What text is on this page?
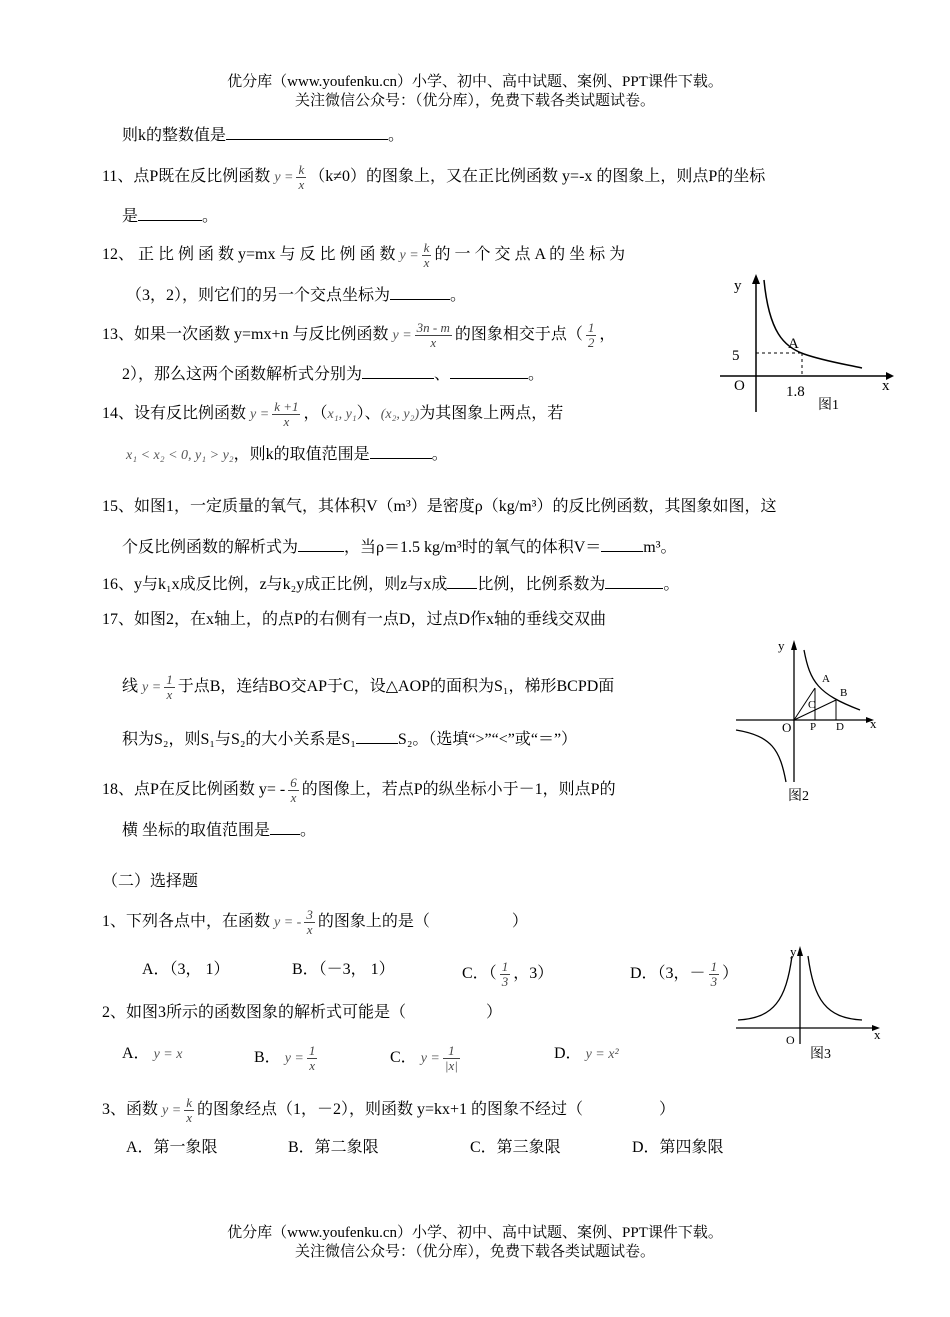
优分库（www.youfenku.cn）小学、初中、高中试题、案例、PPT课件下载。
关注微信公众号：（优分库），免费下载各类试题试卷。
则k的整数值是	。
11、点P既在反比例函数 $y = \frac{k}{x} (k\ne 0)$的图象上，又在正比例函数 y=-x 的图象上，则点P的坐标
是	。
12、 正 比 例 函 数 y=mx 与 反 比 例 函 数 $y = \frac{k}{x}$ 的 一 个 交 点 A 的 坐 标 为
（3，2），则它们的另一个交点坐标为	。
13、如果一次函数 y=mx+n 与反比例函数 $y = \frac{3n - m}{x}$ 的图象相交于点（ $\frac{1}{2}$ ，
2），那么这两个函数解析式分别为	、	。
14、设有反比例函数 $y = \frac{k +1}{x}$ ，（x₁, y₁）、(x₂, y₂)为其图象上两点，若
x₁ < x₂ < 0, y₁ > y₂，则k的取值范围是	。
y
x
O
A
5
1.8
图1
15、如图1，一定质量的氧气，其体积V（m³）是密度ρ（kg/m³）的反比例函数，其图象如图，这
个反比例函数的解析式为	，当ρ＝1.5 kg/m³时的氧气的体积V＝	m³。
16、y与k₁x成反比例，z与k₂y成正比例，则z与x成 比例，比例系数为	。
17、如图2，在x轴上，的点P的右侧有一点D，过点D作x轴的垂线交双曲
线 $y = \frac{1}{x}$ 于点B，连结BO交AP于C，设△AOP的面积为S₁，梯形BCPD面
积为S₂，则S₁与S₂的大小关系是S₁	S₂。（选填“>”“<”或“＝”）
y
x
O
A
B
C
P D
图2
18、点P在反比例函数 $y= - \frac{6}{x}$ 的图像上，若点P的纵坐标小于－1，则点P的
横 坐标的取值范围是 。
（二）选择题
1、下列各点中，在函数 y = - $\frac{3}{x}$ 的图象上的是（	）
A．（3， 1）	B．（－3， 1）	C．（ $\frac{1}{3}$ ，3）	D．（3，－ $\frac{1}{3}$ ）
y
x
O
图3
2、如图3所示的函数图象的解析式可能是（	）
A． y = x	B． $y = \frac{1}{x}$	C． $y = \frac{1}{|x|}$	D． y = x²
3、函数 $y = \frac{k}{x}$ 的图象经点（1，－2），则函数 y=kx+1 的图象不经过（	）
A．第一象限	B．第二象限	C．第三象限	D．第四象限
优分库（www.youfenku.cn）小学、初中、高中试题、案例、PPT课件下载。
关注微信公众号：（优分库），免费下载各类试题试卷。
